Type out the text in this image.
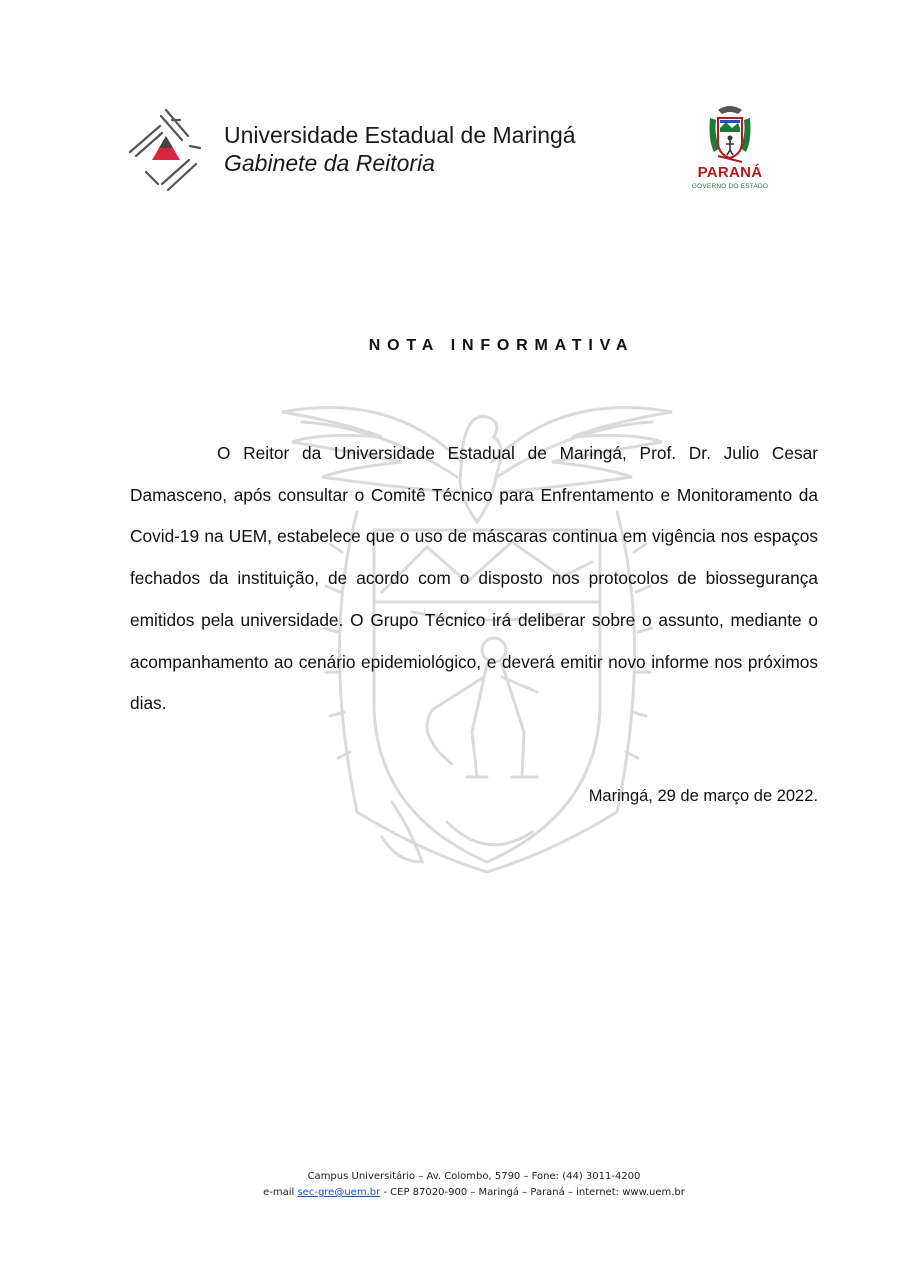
Universidade Estadual de Maringá
Gabinete da Reitoria	PARANÁ
GOVERNO DO ESTADO
NOTA INFORMATIVA

O Reitor da Universidade Estadual de Maringá, Prof. Dr. Julio Cesar Damasceno, após consultar o Comitê Técnico para Enfrentamento e Monitoramento da Covid-19 na UEM, estabelece que o uso de máscaras continua em vigência nos espaços fechados da instituição, de acordo com o disposto nos protocolos de biossegurança emitidos pela universidade. O Grupo Técnico irá deliberar sobre o assunto, mediante o acompanhamento ao cenário epidemiológico, e deverá emitir novo informe nos próximos dias.

Maringá, 29 de março de 2022.
Campus Universitário – Av. Colombo, 5790 – Fone: (44) 3011-4200
e-mail sec-gre@uem.br - CEP 87020-900 – Maringá – Paraná – internet: www.uem.br
